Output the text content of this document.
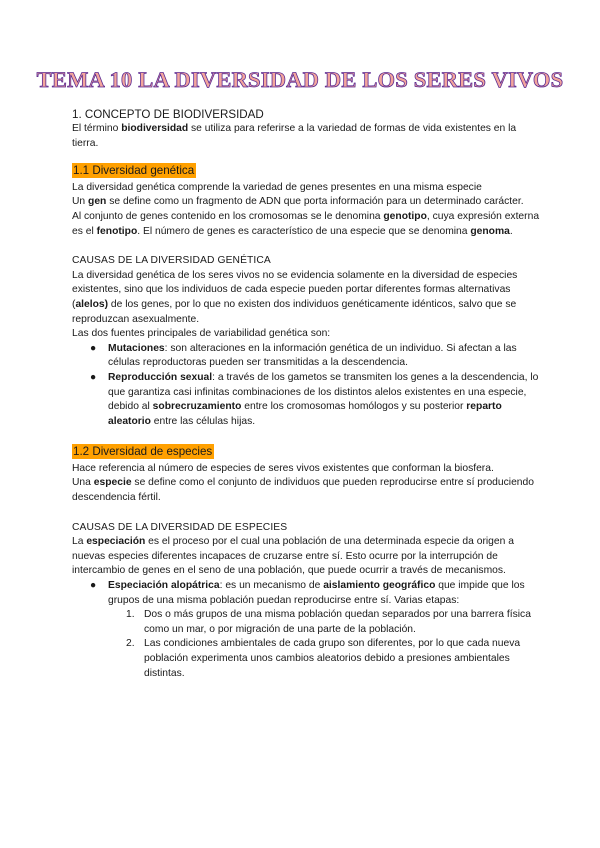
TEMA 10 LA DIVERSIDAD DE LOS SERES VIVOS
1. CONCEPTO DE BIODIVERSIDAD

El término biodiversidad se utiliza para referirse a la variedad de formas de vida existentes en la tierra.

1.1 Diversidad genética

La diversidad genética comprende la variedad de genes presentes en una misma especie

Un gen se define como un fragmento de ADN que porta información para un determinado carácter.

Al conjunto de genes contenido en los cromosomas se le denomina genotipo, cuya expresión externa es el fenotipo. El número de genes es característico de una especie que se denomina genoma.

CAUSAS DE LA DIVERSIDAD GENÉTICA

La diversidad genética de los seres vivos no se evidencia solamente en la diversidad de especies existentes, sino que los individuos de cada especie pueden portar diferentes formas alternativas (alelos) de los genes, por lo que no existen dos individuos genéticamente idénticos, salvo que se reproduzcan asexualmente.

Las dos fuentes principales de variabilidad genética son:

● Mutaciones: son alteraciones en la información genética de un individuo. Si afectan a las células reproductoras pueden ser transmitidas a la descendencia.
● Reproducción sexual: a través de los gametos se transmiten los genes a la descendencia, lo que garantiza casi infinitas combinaciones de los distintos alelos existentes en una especie, debido al sobrecruzamiento entre los cromosomas homólogos y su posterior reparto aleatorio entre las células hijas.
1.2 Diversidad de especies

Hace referencia al número de especies de seres vivos existentes que conforman la biosfera.

Una especie se define como el conjunto de individuos que pueden reproducirse entre sí produciendo descendencia fértil.

CAUSAS DE LA DIVERSIDAD DE ESPECIES

La especiación es el proceso por el cual una población de una determinada especie da origen a nuevas especies diferentes incapaces de cruzarse entre sí. Esto ocurre por la interrupción de intercambio de genes en el seno de una población, que puede ocurrir a través de mecanismos.

● Especiación alopátrica: es un mecanismo de aislamiento geográfico que impide que los grupos de una misma población puedan reproducirse entre sí. Varias etapas:
1. Dos o más grupos de una misma población quedan separados por una barrera física como un mar, o por migración de una parte de la población.
2. Las condiciones ambientales de cada grupo son diferentes, por lo que cada nueva población experimenta unos cambios aleatorios debido a presiones ambientales distintas.
